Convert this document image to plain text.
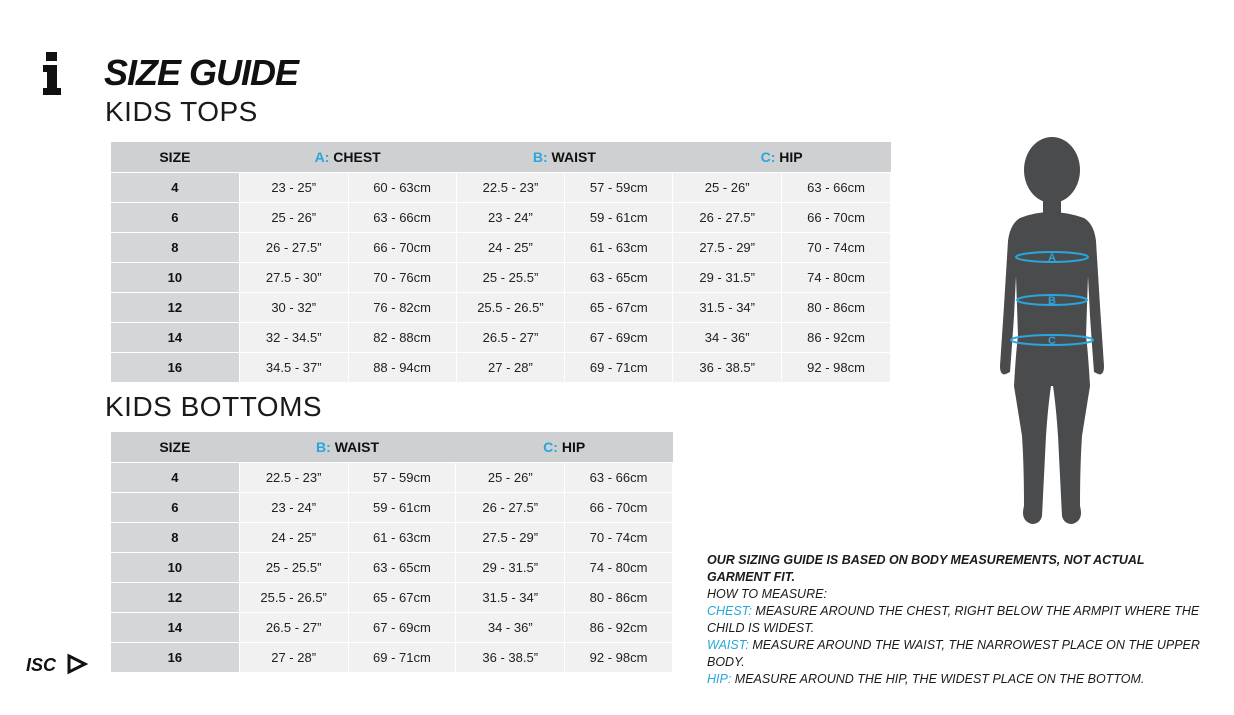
SIZE GUIDE
KIDS TOPS
SIZE	A: CHEST		B: WAIST		C: HIP	
4	23 - 25”	60 - 63cm	22.5 - 23”	57 - 59cm	25 - 26”	63 - 66cm
6	25 - 26”	63 - 66cm	23 - 24”	59 - 61cm	26 - 27.5”	66 - 70cm
8	26 - 27.5”	66 - 70cm	24 - 25”	61 - 63cm	27.5 - 29”	70 - 74cm
10	27.5 - 30”	70 - 76cm	25 - 25.5”	63 - 65cm	29 - 31.5”	74 - 80cm
12	30 - 32”	76 - 82cm	25.5 - 26.5”	65 - 67cm	31.5 - 34”	80 - 86cm
14	32 - 34.5”	82 - 88cm	26.5 - 27”	67 - 69cm	34 - 36”	86 - 92cm
16	34.5 - 37”	88 - 94cm	27 - 28”	69 - 71cm	36 - 38.5”	92 - 98cm
KIDS BOTTOMS
SIZE	B: WAIST		C: HIP	
4	22.5 - 23”	57 - 59cm	25 - 26”	63 - 66cm
6	23 - 24”	59 - 61cm	26 - 27.5”	66 - 70cm
8	24 - 25”	61 - 63cm	27.5 - 29”	70 - 74cm
10	25 - 25.5”	63 - 65cm	29 - 31.5”	74 - 80cm
12	25.5 - 26.5”	65 - 67cm	31.5 - 34”	80 - 86cm
14	26.5 - 27”	67 - 69cm	34 - 36”	86 - 92cm
16	27 - 28”	69 - 71cm	36 - 38.5”	92 - 98cm
A
B
C
OUR SIZING GUIDE IS BASED ON BODY MEASUREMENTS, NOT ACTUAL GARMENT FIT.
HOW TO MEASURE:
CHEST: MEASURE AROUND THE CHEST, RIGHT BELOW THE ARMPIT WHERE THE CHILD IS WIDEST.
WAIST: MEASURE AROUND THE WAIST, THE NARROWEST PLACE ON THE UPPER BODY.
HIP: MEASURE AROUND THE HIP, THE WIDEST PLACE ON THE BOTTOM.
ISC
